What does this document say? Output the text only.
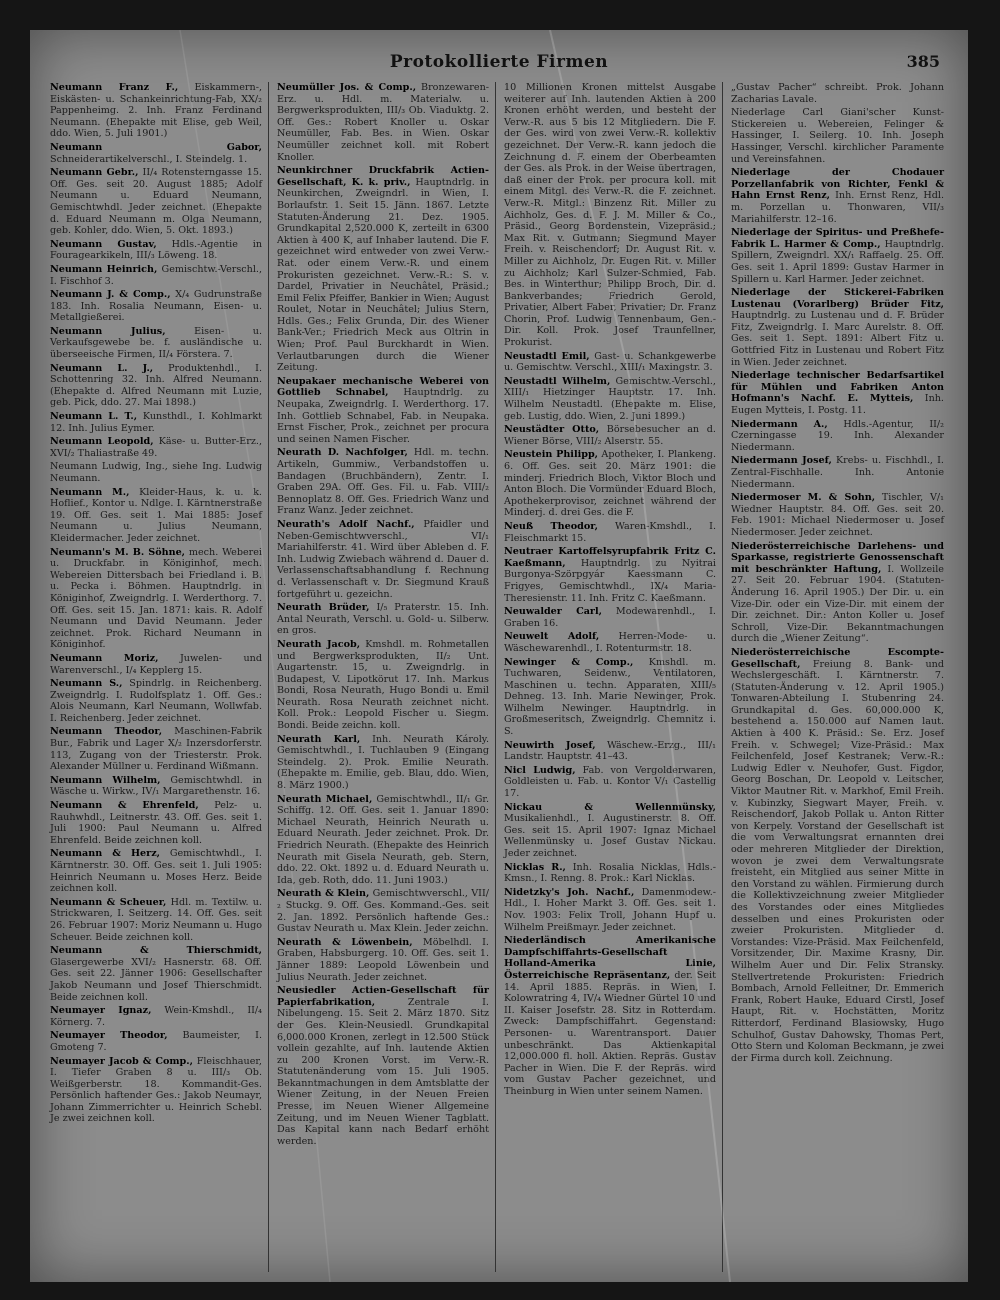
Protokollierte Firmen	385

Neumann Franz F., Eiskammern-, Eiskästen- u. Schankeinrichtung-Fab, XX/₂ Pappenheimg. 2. Inh. Franz Ferdinand Neumann. (Ehepakte mit Elise, geb Weil, ddo. Wien, 5. Juli 1901.)

Neumann Gabor, Schneiderartikelverschl., I. Steindelg. 1.

Neumann Gebr., II/₄ Rotensterngasse 15. Off. Ges. seit 20. August 1885; Adolf Neumann u. Eduard Neumann, Gemischtwhdl. Jeder zeichnet. (Ehepakte d. Eduard Neumann m. Olga Neumann, geb. Kohler, ddo. Wien, 5. Okt. 1893.)

Neumann Gustav, Hdls.-Agentie in Fouragearkikeln, III/₃ Löweng. 18.

Neumann Heinrich, Gemischtw.-Verschl., I. Fischhof 3.

Neumann J. & Comp., X/₄ Gudrunstraße 183. Inh. Rosalia Neumann, Eisen- u. Metallgießerei.

Neumann Julius,	Eisen- u. Verkaufsgewebe be. f. ausländische u. überseeische Firmen, II/₄ Förstera. 7.

Neumann L. J., Produktenhdl., I. Schottenring 32. Inh. Alfred Neumann. (Ehepakte d. Alfred Neumann mit Luzie, geb. Pick, ddo. 27. Mai 1898.)

Neumann L. T., Kunsthdl., I. Kohlmarkt 12. Inh. Julius Eymer.

Neumann Leopold, Käse- u. Butter-Erz., XVI/₂ Thaliastraße 49.

Neumann Ludwig, Ing., siehe Ing. Ludwig Neumann.

Neumann M., Kleider-Haus, k. u. k. Hoflief., Kontor u. Ndlge. I. Kärntnerstraße 19. Off. Ges. seit 1. Mai 1885: Josef Neumann u. Julius Neumann, Kleidermacher. Jeder zeichnet.

Neumann's M. B. Söhne, mech. Weberei u. Druckfabr. in Königinhof, mech. Webereien Dittersbach bei Friedland i. B. u. Pecka i. Böhmen. Hauptndrlg. in Königinhof, Zweigndrlg. I. Werderthorg. 7. Off. Ges. seit 15. Jan. 1871: kais. R. Adolf Neumann und David Neumann. Jeder zeichnet. Prok. Richard Neumann in Königinhof.

Neumann Moriz, Juwelen- und Warenverschl., I/₄ Kepplerg 15.

Neumann S., Spindrlg. in Reichenberg. Zweigndrlg. I. Rudolfsplatz 1. Off. Ges.: Alois Neumann, Karl Neumann, Wollwfab. I. Reichenberg. Jeder zeichnet.

Neumann Theodor, Maschinen-Fabrik Bur., Fabrik und Lager X/₂ Inzersdorferstr. 113, Zugang von der Triesterstr. Prok. Alexander Müllner u. Ferdinand Wißmann.

Neumann Wilhelm, Gemischtwhdl. in Wäsche u. Wirkw., IV/₁ Margarethenstr. 16.

Neumann & Ehrenfeld, Pelz- u. Rauhwhdl., Leitnerstr. 43. Off. Ges. seit 1. Juli 1900: Paul Neumann u. Alfred Ehrenfeld. Beide zeichnen koll.

Neumann & Herz, Gemischtwhdl., I. Kärntnerstr. 30. Off. Ges. seit 1. Juli 1905: Heinrich Neumann u. Moses Herz. Beide zeichnen koll.

Neumann & Scheuer, Hdl. m. Textilw. u. Strickwaren, I. Seitzerg. 14. Off. Ges. seit 26. Februar 1907: Moriz Neumann u. Hugo Scheuer. Beide zeichnen koll.

Neumann & Thierschmidt, Glasergewerbe XVI/₂ Hasnerstr. 68. Off. Ges. seit 22. Jänner 1906: Gesellschafter Jakob Neumann und Josef Thierschmidt. Beide zeichnen koll.

Neumayer Ignaz, Wein-Kmshdl., II/₄ Körnerg. 7.

Neumayer Theodor, Baumeister, I. Gmoteng 7.

Neumayer Jacob & Comp., Fleischhauer, I. Tiefer Graben 8 u. III/₃ Ob. Weißgerberstr. 18. Kommandit-Ges. Persönlich haftender Ges.: Jakob Neumayr, Johann Zimmerrichter u. Heinrich Schebl. Je zwei zeichnen koll.

Neumüller Jos. & Comp., Bronzewaren-Erz. u. Hdl. m. Materialw. u. Bergwerksprodukten, III/₃ Ob. Viaduktg. 2. Off. Ges.: Robert Knoller u. Oskar Neumüller, Fab. Bes. in Wien. Oskar Neumüller zeichnet koll. mit Robert Knoller.

Neunkirchner Druckfabrik Actien-Gesellschaft, K. k. priv., Hauptndrlg. in Neunkirchen, Zweigndrl. in Wien, I. Borlaufstr. 1. Seit 15. Jänn. 1867. Letzte Statuten-Änderung 21. Dez. 1905. Grundkapital 2,520.000 K, zerteilt in 6300 Aktien à 400 K, auf Inhaber lautend. Die F. gezeichnet wird entweder von zwei Verw.-Rat. oder einem Verw.-R. und einem Prokuristen gezeichnet. Verw.-R.: S. v. Dardel, Privatier in Neuchâtel, Präsid.; Emil Felix Pfeiffer, Bankier in Wien; August Roulet, Notar in Neuchâtel; Julius Stern, Hdls. Ges.; Felix Grunda, Dir. des Wiener Bank-Ver.; Friedrich Meck aus Oltrin in Wien; Prof. Paul Burckhardt in Wien. Verlautbarungen durch die Wiener Zeitung.

Neupakaer mechanische Weberei von Gottlieb Schnabel, Hauptndrlg. zu Neupaka, Zweigndrlg. I. Werderthorg. 17. Inh. Gottlieb Schnabel, Fab. in Neupaka. Ernst Fischer, Prok., zeichnet per procura und seinen Namen Fischer.

Neurath D. Nachfolger, Hdl. m. techn. Artikeln, Gummiw., Verbandstoffen u. Bandagen (Bruchbändern), Zentr. I. Graben 29A. Off. Ges. Fil. u. Fab. VIII/₂ Bennoplatz 8. Off. Ges. Friedrich Wanz und Franz Wanz. Jeder zeichnet.

Neurath's Adolf Nachf., Pfaidler und Neben-Gemischtwverschl., VI/₁ Mariahilferstr. 41. Wird über Ableben d. F. Inh. Ludwig Zwiebach während d. Dauer d. Verlassenschaftsabhandlung f. Rechnung d. Verlassenschaft v. Dr. Siegmund Krauß fortgeführt u. gezeichn.

Neurath Brüder, I/₅ Praterstr. 15. Inh. Antal Neurath, Verschl. u. Gold- u. Silberw. en gros.

Neurath Jacob, Kmshdl. m. Rohmetallen und Bergwerksprodukten, II/₂ Unt. Augartenstr. 15, u. Zweigndrlg. in Budapest, V. Lipotkörut 17. Inh. Markus Bondi, Rosa Neurath, Hugo Bondi u. Emil Neurath. Rosa Neurath zeichnet nicht. Koll. Prok.: Leopold Fischer u. Siegm. Bondi. Beide zeichn. koll.

Neurath Karl, Inh. Neurath Károly. Gemischtwhdl., I. Tuchlauben 9 (Eingang Steindelg. 2). Prok. Emilie Neurath. (Ehepakte m. Emilie, geb. Blau, ddo. Wien, 8. März 1900.)

Neurath Michael, Gemischtwhdl., II/₁ Gr. Schiffg. 12. Off. Ges. seit 1. Januar 1890: Michael Neurath, Heinrich Neurath u. Eduard Neurath. Jeder zeichnet. Prok. Dr. Friedrich Neurath. (Ehepakte des Heinrich Neurath mit Gisela Neurath, geb. Stern, ddo. 22. Okt. 1892 u. d. Eduard Neurath u. Ida, geb. Roth, ddo. 11. Juni 1903.)

Neurath & Klein, Gemischtwverschl., VII/₂ Stuckg. 9. Off. Ges. Kommand.-Ges. seit 2. Jan. 1892. Persönlich haftende Ges.: Gustav Neurath u. Max Klein. Jeder zeichn.

Neurath & Löwenbein, Möbelhdl. I. Graben, Habsburgerg. 10. Off. Ges. seit 1. Jänner 1889: Leopold Löwenbein und Julius Neurath. Jeder zeichnet.

Neusiedler Actien-Gesellschaft für Papierfabrikation,	Zentrale I. Nibelungeng. 15. Seit 2. März 1870. Sitz der Ges. Klein-Neusiedl. Grundkapital 6,000.000 Kronen, zerlegt in 12.500 Stück vollein gezahlte, auf Inh. lautende Aktien zu 200 Kronen Vorst. im Verw.-R. Statutenänderung vom 15. Juli 1905. Bekanntmachungen in dem Amtsblatte der Wiener Zeitung, in der Neuen Freien Presse, im Neuen Wiener Allgemeine Zeitung, und im Neuen Wiener Tagblatt. Das Kapital kann nach Bedarf erhöht werden.

10 Millionen Kronen mittelst Ausgabe weiterer auf Inh. lautenden Aktien à 200 Kronen erhöht werden, und besteht der Verw.-R. aus 5 bis 12 Mitgliedern. Die F. der Ges. wird von zwei Verw.-R. kollektiv gezeichnet. Der Verw.-R. kann jedoch die Zeichnung d. F. einem der Oberbeamten der Ges. als Prok. in der Weise übertragen, daß einer der Prok. per procura koll. mit einem Mitgl. des Verw.-R. die F. zeichnet. Verw.-R. Mitgl.: Binzenz Rit. Miller zu Aichholz, Ges. d. F. J. M. Miller & Co., Präsid., Georg Bordenstein, Vizepräsid.; Max Rit. v. Gutmann; Siegmund Mayer Freih. v. Reischendorf; Dr. August Rit. v. Miller zu Aichholz, Dr. Eugen Rit. v. Miller zu Aichholz; Karl Sulzer-Schmied, Fab. Bes. in Winterthur; Philipp Broch, Dir. d. Bankverbandes; Friedrich Gerold, Privatier, Albert Faber, Privatier; Dr. Franz Chorin, Prof. Ludwig Tennenbaum, Gen.-Dir. Koll. Prok. Josef Traunfellner, Prokurist.

Neustadtl Emil, Gast- u. Schankgewerbe u. Gemischtw. Verschl., XIII/₁ Maxingstr. 3.

Neustadtl Wilhelm, Gemischtw.-Verschl., XIII/₁ Hietzinger Hauptstr. 17. Inh. Wilhelm Neustadtl. (Ehepakte m. Elise, geb. Lustig, ddo. Wien, 2. Juni 1899.)

Neustädter Otto, Börsebesucher an d. Wiener Börse, VIII/₂ Alserstr. 55.

Neustein Philipp, Apotheker, I. Plankeng. 6. Off. Ges. seit 20. März 1901: die minderj. Friedrich Bloch, Viktor Bloch und Anton Bloch. Die Vormünder Eduard Bloch, Apothekerprovisor, zeichnet während der Minderj. d. drei Ges. die F.

Neuß Theodor, Waren-Kmshdl., I. Fleischmarkt 15.

Neutraer Kartoffelsyrupfabrik Fritz C. Kaeßmann, Hauptndrlg. zu Nyitrai Burgonya-Szörpgyár Kaessmann C. Frigyes, Gemischtwhdl., IX/₄ Maria-Theresienstr. 11. Inh. Fritz C. Kaeßmann.

Neuwalder Carl, Modewarenhdl., I. Graben 16.

Neuwelt Adolf, Herren-Mode- u. Wäschewarenhdl., I. Rotenturmstr. 18.

Newinger & Comp., Kmshdl. m. Tuchwaren, Seidenw., Ventilatoren, Maschinen u. techn. Apparaten, XIII/₅ Dehneg. 13. Inh. Marie Newinger, Prok. Wilhelm Newinger. Hauptndrlg. in Großmeseritsch, Zweigndrlg. Chemnitz i. S.

Neuwirth Josef, Wäschew.-Erzg., III/₁ Landstr. Hauptstr. 41–43.

Nicl Ludwig, Fab. von Vergolderwaren, Goldleisten u. Fab. u. Kontor V/₁ Castellig 17.

Nickau & Wellenmünsky, Musikalienhdl., I. Augustinerstr. 8. Off. Ges. seit 15. April 1907: Ignaz Michael Wellenmünsky u. Josef Gustav Nickau. Jeder zeichnet.

Nicklas R., Inh. Rosalia Nicklas, Hdls.-Kmsn., I. Renng. 8. Prok.: Karl Nicklas.

Nidetzky's Joh. Nachf., Damenmodew.-Hdl., I. Hoher Markt 3. Off. Ges. seit 1. Nov. 1903: Felix Troll, Johann Hupf u. Wilhelm Preißmayr. Jeder zeichnet.

Niederländisch Amerikanische Dampfschiffahrts-Gesellschaft Holland-Amerika Linie, Österreichische Repräsentanz, der. Seit 14. April 1885. Repräs. in Wien, I. Kolowratring 4, IV/₄ Wiedner Gürtel 10 und II. Kaiser Josefstr. 28. Sitz in Rotterdam. Zweck: Dampfschiffahrt. Gegenstand: Personen- u. Warentransport. Dauer unbeschränkt. Das Aktienkapital 12,000.000 fl. holl. Aktien. Repräs. Gustav Pacher in Wien. Die F. der Repräs. wird vom Gustav Pacher gezeichnet, und Theinburg in Wien unter seinem Namen.

„Gustav Pacher“ schreibt. Prok. Johann Zacharias Lavale.

Niederlage Carl Giani'scher Kunst-Stickereien u. Webereien, Felinger & Hassinger, I. Seilerg. 10. Inh. Joseph Hassinger, Verschl. kirchlicher Paramente und Vereinsfahnen.

Niederlage der Chodauer Porzellanfabrik von Richter, Fenkl & Hahn Ernst Renz, Inh. Ernst Renz, Hdl. m. Porzellan u. Thonwaren, VII/₃ Mariahilferstr. 12–16.

Niederlage der Spiritus- und Preßhefe-Fabrik L. Harmer & Comp., Hauptndrlg. Spillern, Zweigndrl. XX/₁ Raffaelg. 25. Off. Ges. seit 1. April 1899: Gustav Harmer in Spillern u. Karl Harmer. Jeder zeichnet.

Niederlage der Stickerei-Fabriken Lustenau (Vorarlberg) Brüder Fitz, Hauptndrlg. zu Lustenau und d. F. Brüder Fitz, Zweigndrlg. I. Marc Aurelstr. 8. Off. Ges. seit 1. Sept. 1891: Albert Fitz u. Gottfried Fitz in Lustenau und Robert Fitz in Wien. Jeder zeichnet.

Niederlage technischer Bedarfsartikel für Mühlen und Fabriken Anton Hofmann's Nachf. E. Mytteis, Inh. Eugen Mytteis, I. Postg. 11.

Niedermann A., Hdls.-Agentur, II/₂ Czerningasse 19. Inh. Alexander Niedermann.

Niedermann Josef, Krebs- u. Fischhdl., I. Zentral-Fischhalle. Inh. Antonie Niedermann.

Niedermoser M. & Sohn, Tischler, V/₁ Wiedner Hauptstr. 84. Off. Ges. seit 20. Feb. 1901: Michael Niedermoser u. Josef Niedermoser. Jeder zeichnet.

Niederösterreichische Darlehens- und Sparkasse, registrierte Genossenschaft mit beschränkter Haftung, I. Wollzeile 27. Seit 20. Februar 1904. (Statuten-Änderung 16. April 1905.) Der Dir. u. ein Vize-Dir. oder ein Vize-Dir. mit einem der Dir. zeichnet. Dir.: Anton Koller u. Josef Schroll, Vize-Dir. Bekanntmachungen durch die „Wiener Zeitung“.

Niederösterreichische Escompte-Gesellschaft, Freiung 8. Bank- und Wechslergeschäft. I. Kärntnerstr. 7. (Statuten-Änderung v. 12. April 1905.) Tonwaren-Abteilung I. Stubenring 24. Grundkapital d. Ges. 60,000.000 K, bestehend a. 150.000 auf Namen laut. Aktien à 400 K. Präsid.: Se. Erz. Josef Freih. v. Schwegel; Vize-Präsid.: Max Feilchenfeld, Josef Kestranek; Verw.-R.: Ludwig Edler v. Neuhofer, Gust. Figdor, Georg Boschan, Dr. Leopold v. Leitscher, Viktor Mautner Rit. v. Markhof, Emil Freih. v. Kubinzky, Siegwart Mayer, Freih. v. Reischendorf, Jakob Pollak u. Anton Ritter von Kerpely. Vorstand der Gesellschaft ist die vom Verwaltungsrat ernannten drei oder mehreren Mitglieder der Direktion, wovon je zwei dem Verwaltungsrate freisteht, ein Mitglied aus seiner Mitte in den Vorstand zu wählen. Firmierung durch die Kollektivzeichnung zweier Mitglieder des Vorstandes oder eines Mitgliedes desselben und eines Prokuristen oder zweier Prokuristen. Mitglieder d. Vorstandes: Vize-Präsid. Max Feilchenfeld, Vorsitzender, Dir. Maxime Krasny, Dir. Wilhelm Auer und Dir. Felix Stransky. Stellvertretende Prokuristen: Friedrich Bombach, Arnold Felleitner, Dr. Emmerich Frank, Robert Hauke, Eduard Cirstl, Josef Haupt, Rit. v. Hochstätten, Moritz Ritterdorf, Ferdinand Blasiowsky, Hugo Schulhof, Gustav Dahowsky, Thomas Pert, Otto Stern und Koloman Beckmann, je zwei der Firma durch koll. Zeichnung.
